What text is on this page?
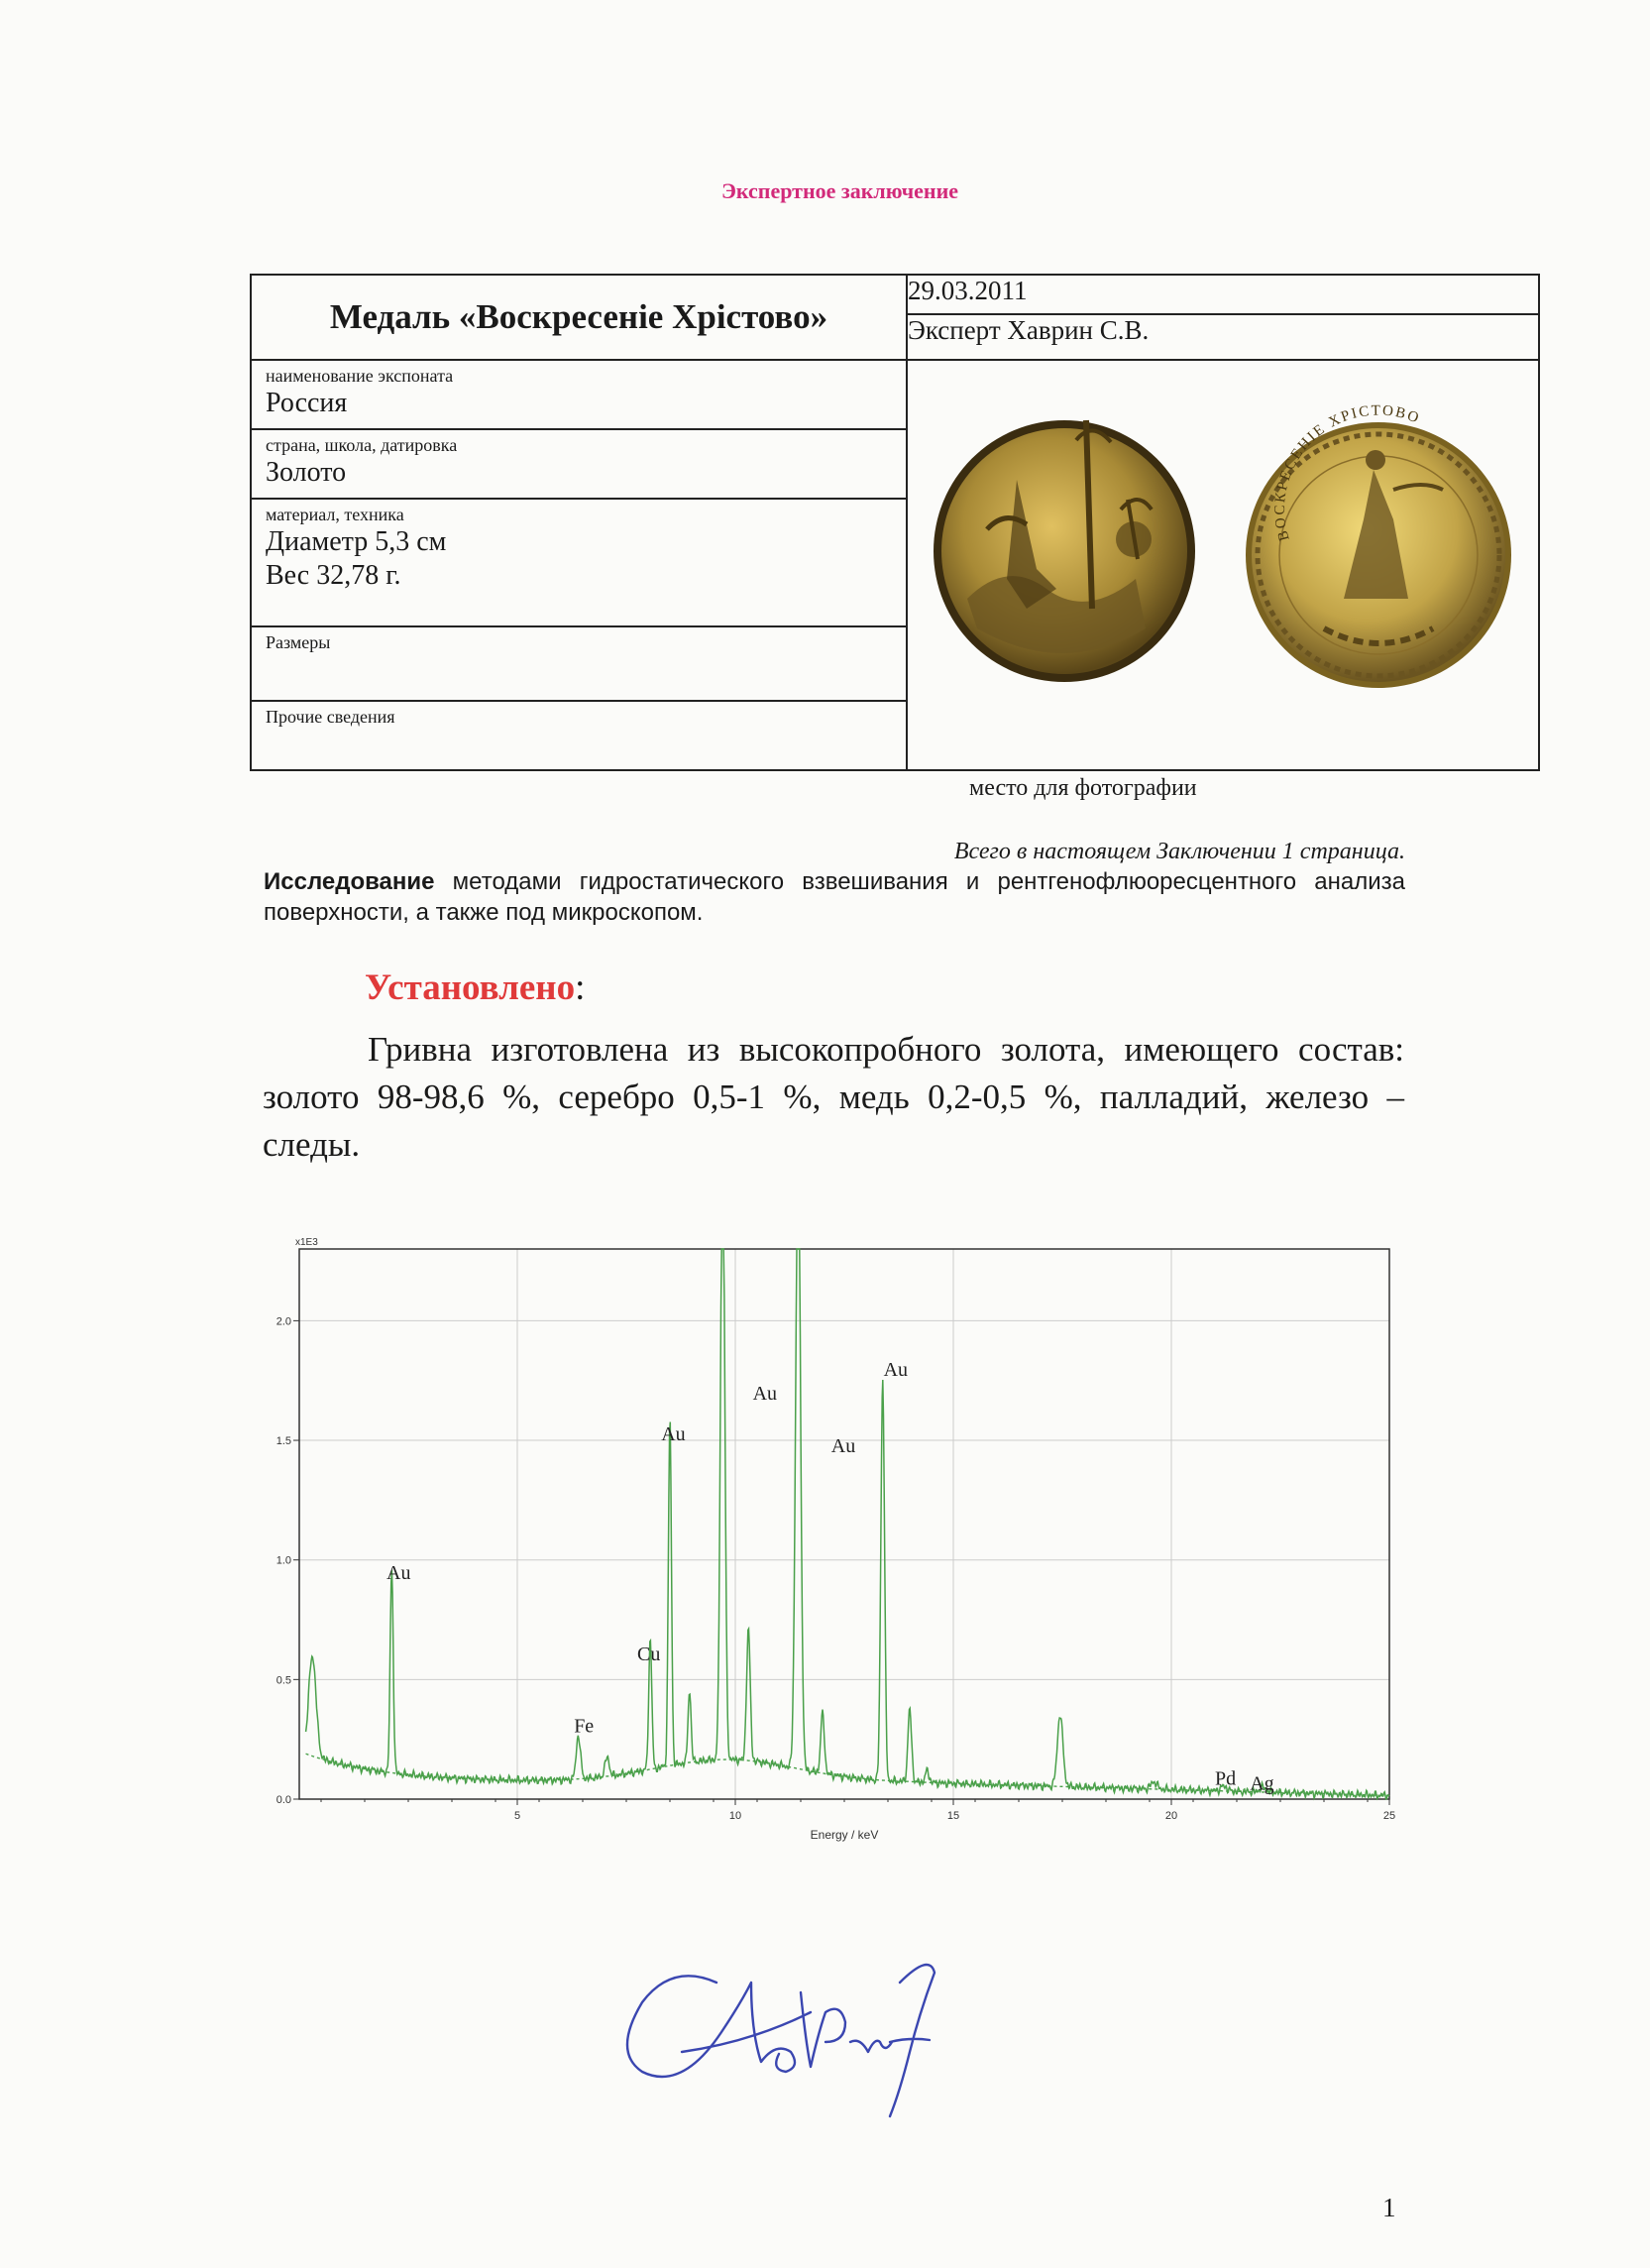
Экспертное заключение
Медаль «Воскресеніе Хрістово»	29.03.2011
	Эксперт Хаврин С.В.

наименование экспоната
Россия	ВОСКРЕСЕНІЕ ХРІСТОВО

страна, школа, датировка
Золото	

материал, техника
Диаметр 5,3 см
Вес 32,78 г.	

Размеры	

Прочие сведения	
место для фотографии
Всего в настоящем Заключении 1 страница.
Исследование методами гидростатического взвешивания и рентгенофлюоресцентного анализа поверхности, а также под микроскопом.
Установлено:
Гривна изготовлена из высокопробного золота, имеющего состав: золото 98-98,6 %, серебро 0,5-1 %, медь 0,2-0,5 %, палладий, железо – следы.
5	10	15	20	25
0.0
0.5
1.0
1.5
2.0
Au
Fe
Cu
Au
Au
Au
Au
Pd Ag
Energy / keV
x1E3
1
